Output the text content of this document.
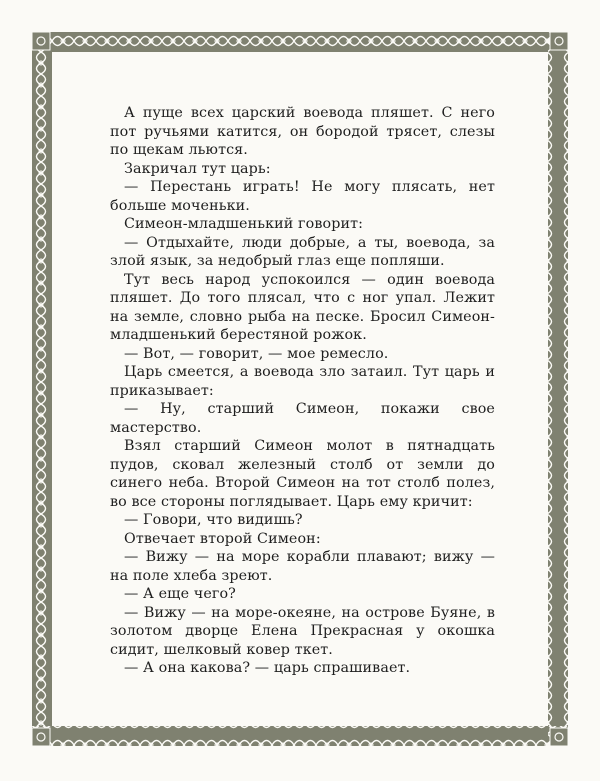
А пуще всех царский воевода пляшет. С него пот ручьями катится, он бородой трясет, слезы по щекам льются.

Закричал тут царь:

— Перестань играть! Не могу плясать, нет больше моченьки.

Симеон-младшенький говорит:

— Отдыхайте, люди добрые, а ты, воевода, за злой язык, за недобрый глаз еще попляши.

Тут весь народ успокоился — один воевода пляшет. До того плясал, что с ног упал. Лежит на земле, словно рыба на песке. Бросил Симеон-младшенький берестяной рожок.

— Вот, — говорит, — мое ремесло.

Царь смеется, а воевода зло затаил. Тут царь и приказывает:

— Ну, старший Симеон, покажи свое мастерство.

Взял старший Симеон молот в пятнадцать пудов, сковал железный столб от земли до синего неба. Второй Симеон на тот столб полез, во все стороны поглядывает. Царь ему кричит:

— Говори, что видишь?

Отвечает второй Симеон:

— Вижу — на море корабли плавают; вижу — на поле хлеба зреют.

— А еще чего?

— Вижу — на море-океяне, на острове Буяне, в золотом дворце Елена Прекрасная у окошка сидит, шелковый ковер ткет.

— А она какова? — царь спрашивает.
